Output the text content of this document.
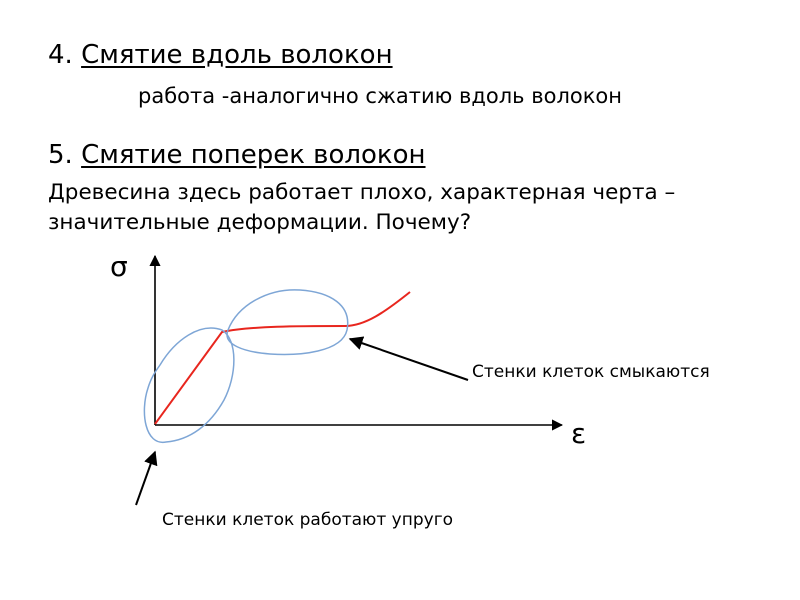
4. Смятие вдоль волокон
работа -аналогично сжатию вдоль волокон
5. Смятие поперек волокон
Древесина здесь работает плохо, характерная черта –
значительные деформации. Почему?
σ
ε
Стенки клеток смыкаются
Стенки клеток работают упруго
